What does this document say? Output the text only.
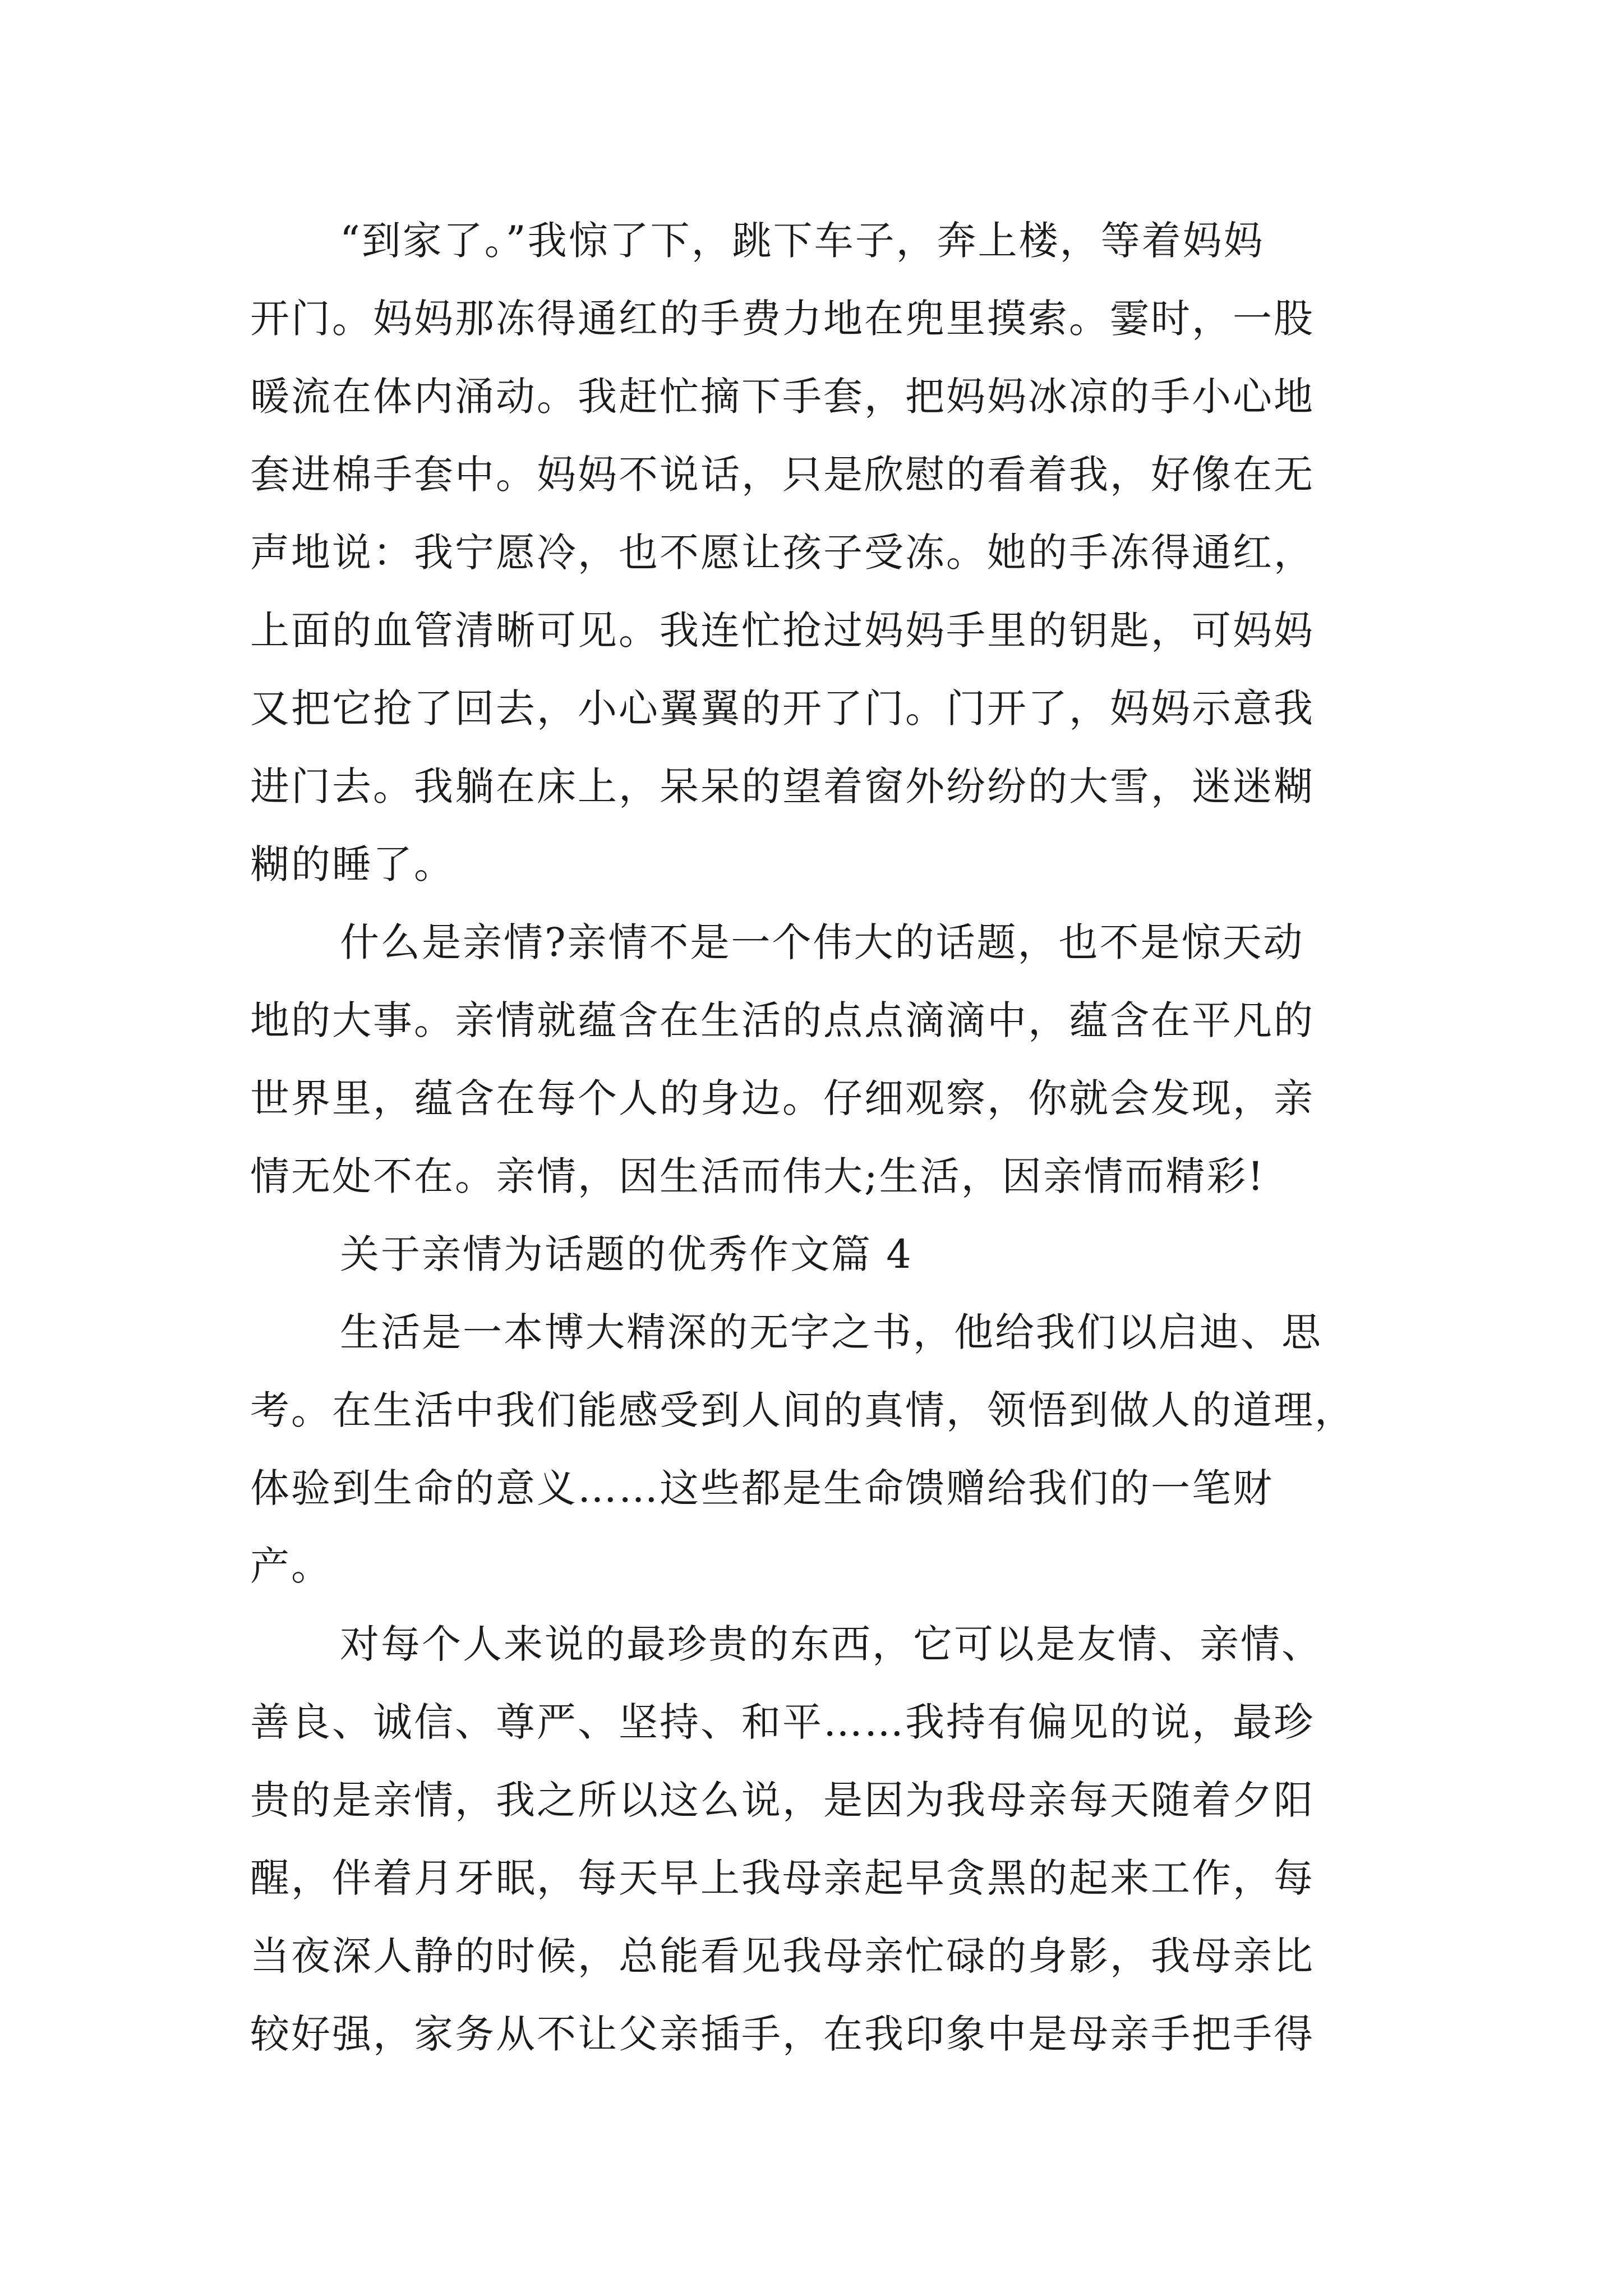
“到家了。”我惊了下，跳下车子，奔上楼，等着妈妈
开门。妈妈那冻得通红的手费力地在兜里摸索。霎时，一股
暖流在体内涌动。我赶忙摘下手套，把妈妈冰凉的手小心地
套进棉手套中。妈妈不说话，只是欣慰的看着我，好像在无
声地说：我宁愿冷，也不愿让孩子受冻。她的手冻得通红，
上面的血管清晰可见。我连忙抢过妈妈手里的钥匙，可妈妈
又把它抢了回去，小心翼翼的开了门。门开了，妈妈示意我
进门去。我躺在床上，呆呆的望着窗外纷纷的大雪，迷迷糊
糊的睡了。
什么是亲情?亲情不是一个伟大的话题，也不是惊天动
地的大事。亲情就蕴含在生活的点点滴滴中，蕴含在平凡的
世界里，蕴含在每个人的身边。仔细观察，你就会发现，亲
情无处不在。亲情，因生活而伟大;生活，因亲情而精彩!
关于亲情为话题的优秀作文篇 4
生活是一本博大精深的无字之书，他给我们以启迪、思
考。在生活中我们能感受到人间的真情，领悟到做人的道理，
体验到生命的意义……这些都是生命馈赠给我们的一笔财
产。
对每个人来说的最珍贵的东西，它可以是友情、亲情、
善良、诚信、尊严、坚持、和平……我持有偏见的说，最珍
贵的是亲情，我之所以这么说，是因为我母亲每天随着夕阳
醒，伴着月牙眠，每天早上我母亲起早贪黑的起来工作，每
当夜深人静的时候，总能看见我母亲忙碌的身影，我母亲比
较好强，家务从不让父亲插手，在我印象中是母亲手把手得
